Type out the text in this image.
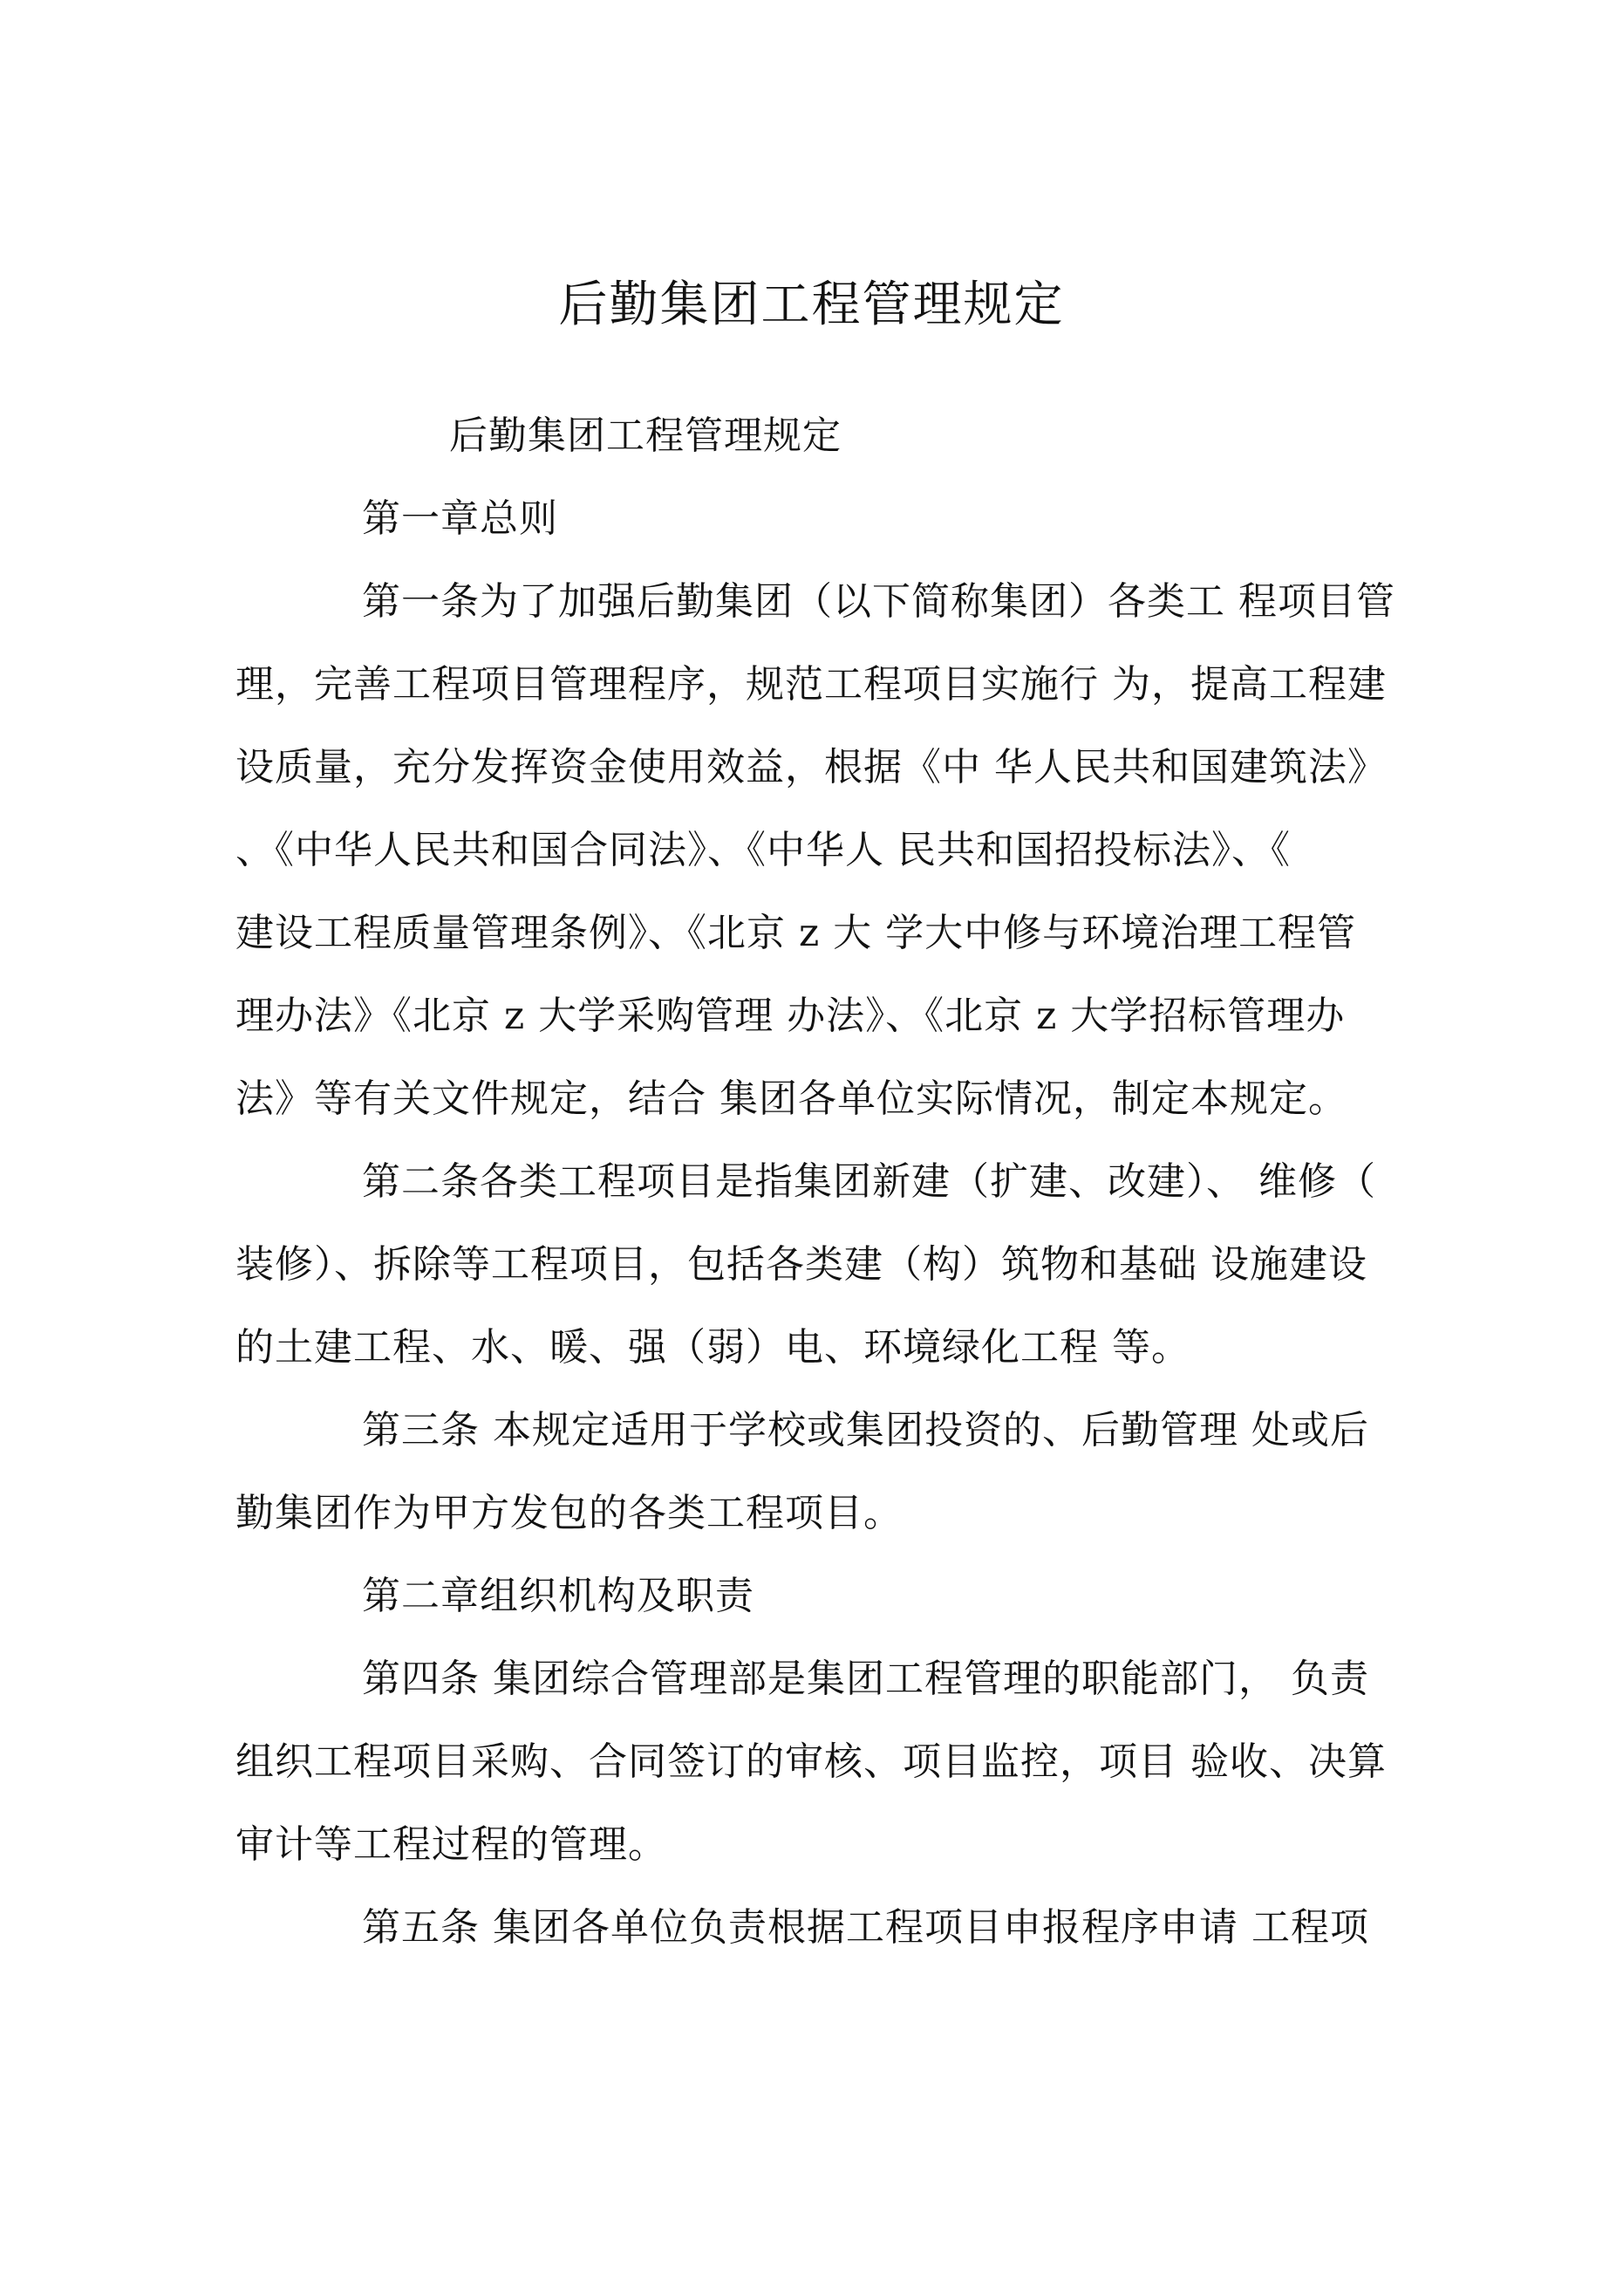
后勤集团工程管理规定
后勤集团工程管理规定
第一章总则
第一条为了加强后勤集团（以下简称集团）各类工 程项目管
理，完善工程项目管理程序，规范工程项目实施行 为，提高工程建
设质量，充分发挥资金使用效益，根据《中 华人民共和国建筑法》
、《中华人民共和国合同法》、《中华人 民共和国招投标法》、《
建设工程质量管理条例》、《北京 z 大 学大中修与环境治理工程管
理办法》《北京 z 大学采购管理 办法》、《北京 z 大学招标管理办
法》等有关文件规定，结合 集团各单位实际情况，制定本规定。
第二条各类工程项目是指集团新建（扩建、改建）、 维修（
装修）、拆除等工程项目，包括各类建（构）筑物和基础 设施建设
的土建工程、水、暖、强（弱）电、环境绿化工程 等。
第三条 本规定适用于学校或集团投资的、后勤管理 处或后
勤集团作为甲方发包的各类工程项目。
第二章组织机构及职责
第四条 集团综合管理部是集团工程管理的职能部门， 负责
组织工程项目采购、合同签订的审核、项目监控，项目 验收、决算
审计等工程过程的管理。
第五条 集团各单位负责根据工程项目申报程序申请 工程项
